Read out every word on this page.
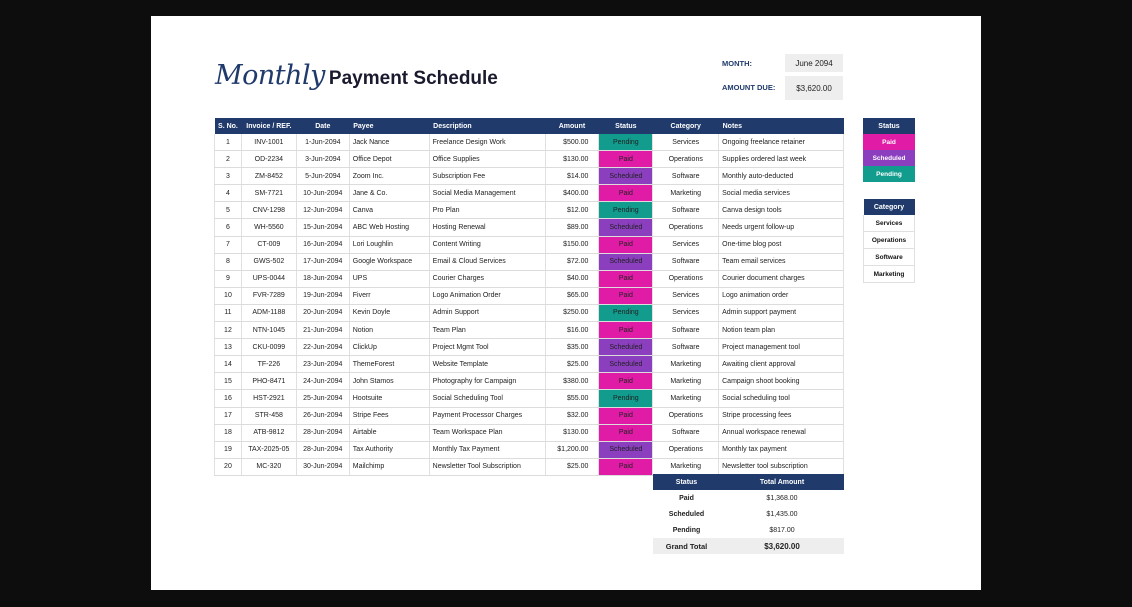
Monthly Payment Schedule
MONTH:	June 2094
AMOUNT DUE:	$3,620.00
S. No.	Invoice / REF.	Date	Payee	Description	Amount	Status	Category	Notes
1	INV-1001	1-Jun-2094	Jack Nance	Freelance Design Work	$500.00	Pending	Services	Ongoing freelance retainer
2	OD-2234	3-Jun-2094	Office Depot	Office Supplies	$130.00	Paid	Operations	Supplies ordered last week
3	ZM-8452	5-Jun-2094	Zoom Inc.	Subscription Fee	$14.00	Scheduled	Software	Monthly auto-deducted
4	SM-7721	10-Jun-2094	Jane & Co.	Social Media Management	$400.00	Paid	Marketing	Social media services
5	CNV-1298	12-Jun-2094	Canva	Pro Plan	$12.00	Pending	Software	Canva design tools
6	WH-5560	15-Jun-2094	ABC Web Hosting	Hosting Renewal	$89.00	Scheduled	Operations	Needs urgent follow-up
7	CT-009	16-Jun-2094	Lori Loughlin	Content Writing	$150.00	Paid	Services	One-time blog post
8	GWS-502	17-Jun-2094	Google Workspace	Email & Cloud Services	$72.00	Scheduled	Software	Team email services
9	UPS-0044	18-Jun-2094	UPS	Courier Charges	$40.00	Paid	Operations	Courier document charges
10	FVR-7289	19-Jun-2094	Fiverr	Logo Animation Order	$65.00	Paid	Services	Logo animation order
11	ADM-1188	20-Jun-2094	Kevin Doyle	Admin Support	$250.00	Pending	Services	Admin support payment
12	NTN-1045	21-Jun-2094	Notion	Team Plan	$16.00	Paid	Software	Notion team plan
13	CKU-0099	22-Jun-2094	ClickUp	Project Mgmt Tool	$35.00	Scheduled	Software	Project management tool
14	TF-226	23-Jun-2094	ThemeForest	Website Template	$25.00	Scheduled	Marketing	Awaiting client approval
15	PHO-8471	24-Jun-2094	John Stamos	Photography for Campaign	$380.00	Paid	Marketing	Campaign shoot booking
16	HST-2921	25-Jun-2094	Hootsuite	Social Scheduling Tool	$55.00	Pending	Marketing	Social scheduling tool
17	STR-458	26-Jun-2094	Stripe Fees	Payment Processor Charges	$32.00	Paid	Operations	Stripe processing fees
18	ATB-9812	28-Jun-2094	Airtable	Team Workspace Plan	$130.00	Paid	Software	Annual workspace renewal
19	TAX-2025-05	28-Jun-2094	Tax Authority	Monthly Tax Payment	$1,200.00	Scheduled	Operations	Monthly tax payment
20	MC-320	30-Jun-2094	Mailchimp	Newsletter Tool Subscription	$25.00	Paid	Marketing	Newsletter tool subscription
Status
Paid
Scheduled
Pending
Category
Services
Operations
Software
Marketing
Status	Total Amount
Paid	$1,368.00
Scheduled	$1,435.00
Pending	$817.00
Grand Total	$3,620.00
